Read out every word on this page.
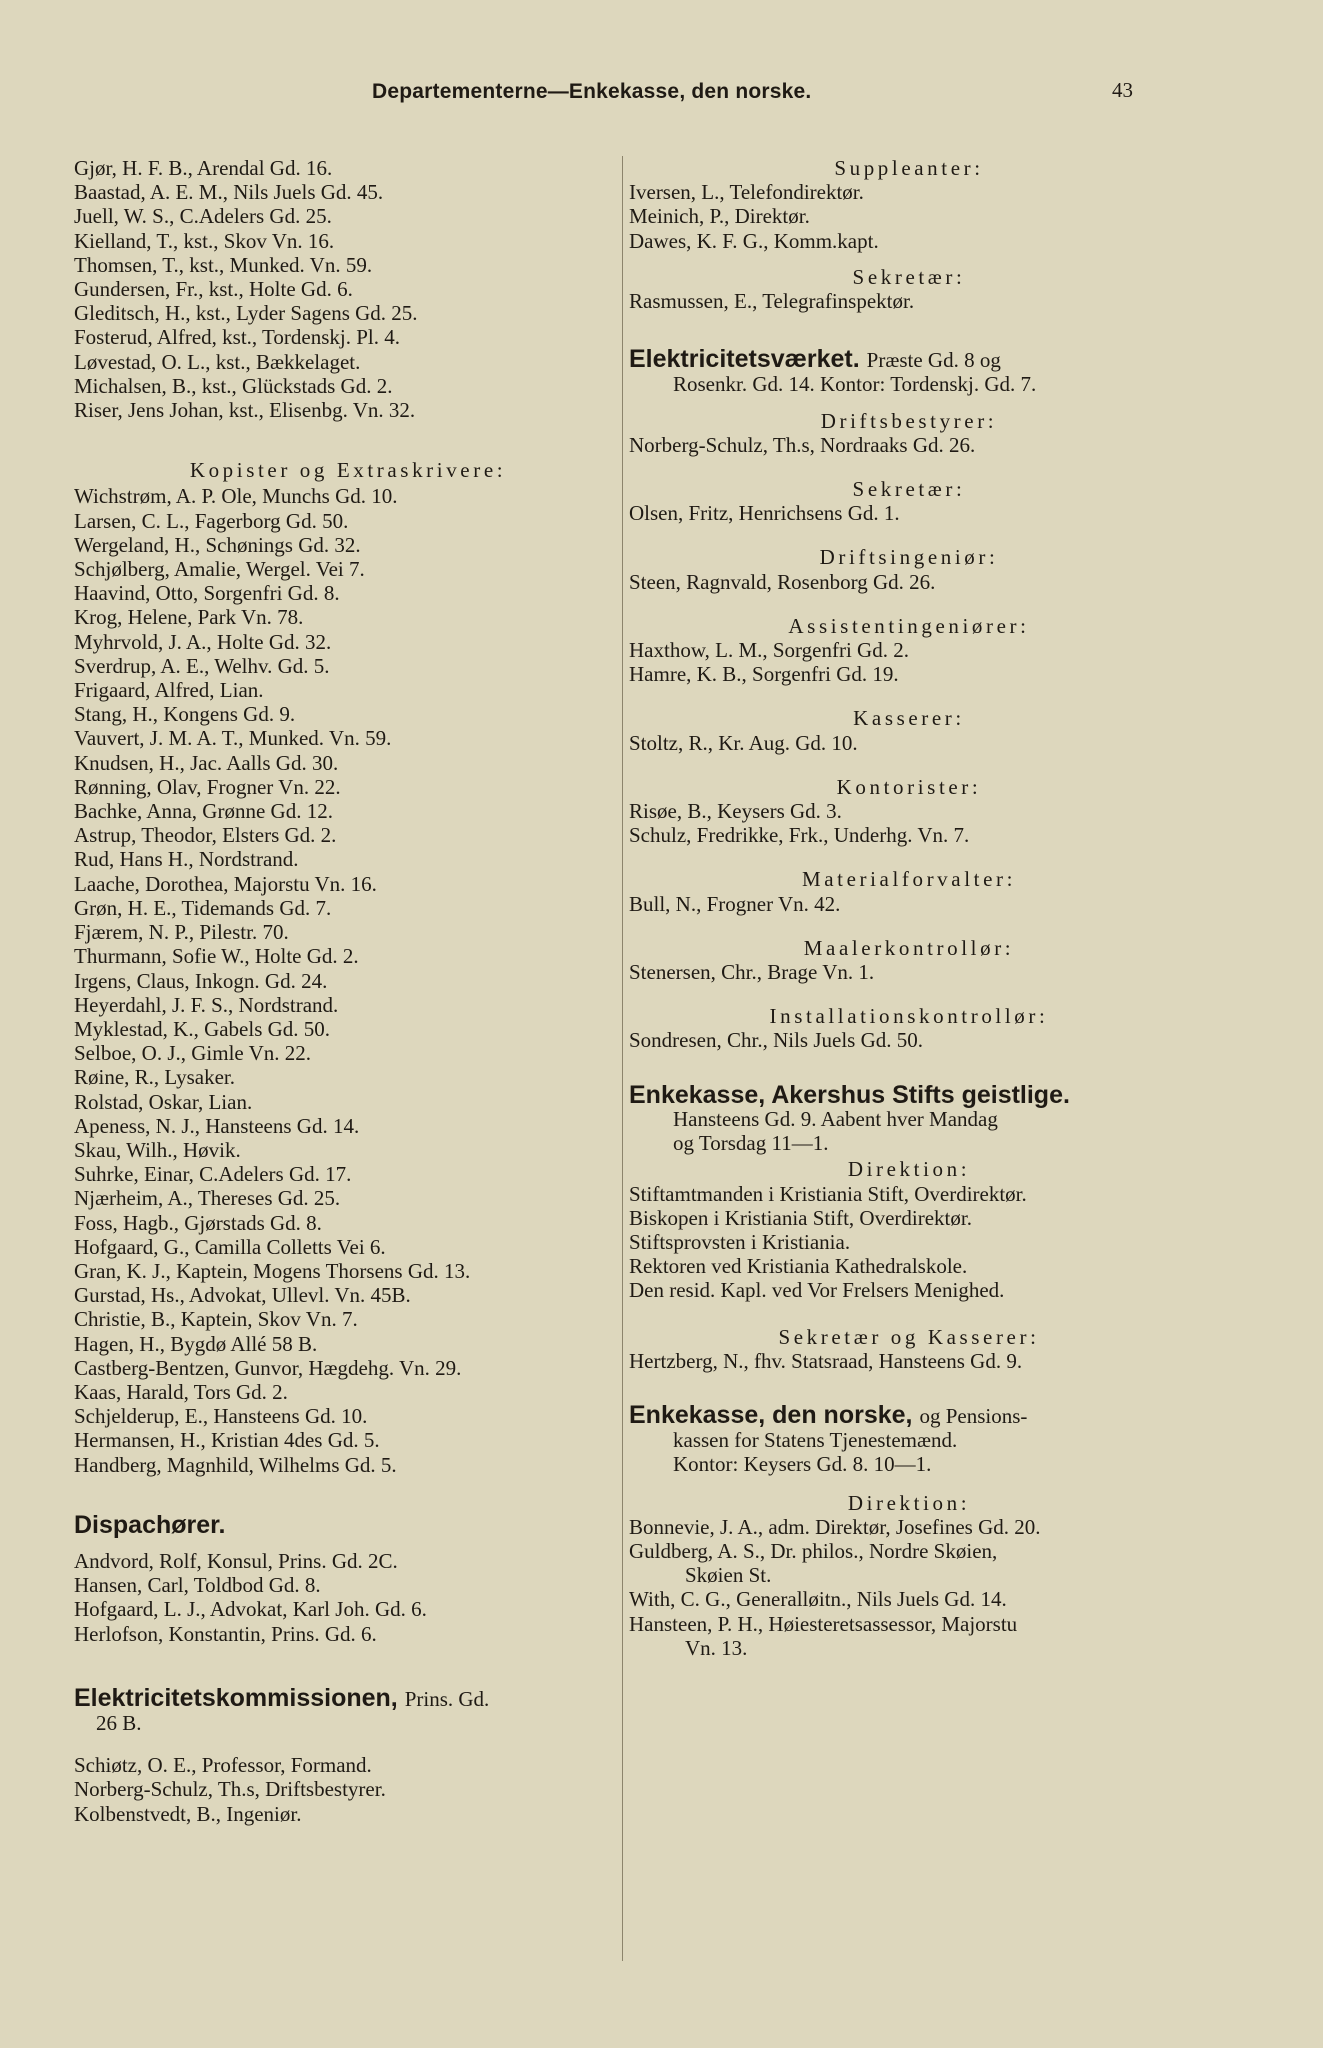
Departementerne—Enkekasse, den norske.	43
Gjør, H. F. B., Arendal Gd. 16.
Baastad, A. E. M., Nils Juels Gd. 45.
Juell, W. S., C.Adelers Gd. 25.
Kielland, T., kst., Skov Vn. 16.
Thomsen, T., kst., Munked. Vn. 59.
Gundersen, Fr., kst., Holte Gd. 6.
Gleditsch, H., kst., Lyder Sagens Gd. 25.
Fosterud, Alfred, kst., Tordenskj. Pl. 4.
Løvestad, O. L., kst., Bækkelaget.
Michalsen, B., kst., Glückstads Gd. 2.
Riser, Jens Johan, kst., Elisenbg. Vn. 32.
Kopister og Extraskrivere:
Wichstrøm, A. P. Ole, Munchs Gd. 10.
Larsen, C. L., Fagerborg Gd. 50.
Wergeland, H., Schønings Gd. 32.
Schjølberg, Amalie, Wergel. Vei 7.
Haavind, Otto, Sorgenfri Gd. 8.
Krog, Helene, Park Vn. 78.
Myhrvold, J. A., Holte Gd. 32.
Sverdrup, A. E., Welhv. Gd. 5.
Frigaard, Alfred, Lian.
Stang, H., Kongens Gd. 9.
Vauvert, J. M. A. T., Munked. Vn. 59.
Knudsen, H., Jac. Aalls Gd. 30.
Rønning, Olav, Frogner Vn. 22.
Bachke, Anna, Grønne Gd. 12.
Astrup, Theodor, Elsters Gd. 2.
Rud, Hans H., Nordstrand.
Laache, Dorothea, Majorstu Vn. 16.
Grøn, H. E., Tidemands Gd. 7.
Fjærem, N. P., Pilestr. 70.
Thurmann, Sofie W., Holte Gd. 2.
Irgens, Claus, Inkogn. Gd. 24.
Heyerdahl, J. F. S., Nordstrand.
Myklestad, K., Gabels Gd. 50.
Selboe, O. J., Gimle Vn. 22.
Røine, R., Lysaker.
Rolstad, Oskar, Lian.
Apeness, N. J., Hansteens Gd. 14.
Skau, Wilh., Høvik.
Suhrke, Einar, C.Adelers Gd. 17.
Njærheim, A., Thereses Gd. 25.
Foss, Hagb., Gjørstads Gd. 8.
Hofgaard, G., Camilla Colletts Vei 6.
Gran, K. J., Kaptein, Mogens Thorsens Gd. 13.
Gurstad, Hs., Advokat, Ullevl. Vn. 45B.
Christie, B., Kaptein, Skov Vn. 7.
Hagen, H., Bygdø Allé 58 B.
Castberg-Bentzen, Gunvor, Hægdehg. Vn. 29.
Kaas, Harald, Tors Gd. 2.
Schjelderup, E., Hansteens Gd. 10.
Hermansen, H., Kristian 4des Gd. 5.
Handberg, Magnhild, Wilhelms Gd. 5.
Dispachører.
Andvord, Rolf, Konsul, Prins. Gd. 2C.
Hansen, Carl, Toldbod Gd. 8.
Hofgaard, L. J., Advokat, Karl Joh. Gd. 6.
Herlofson, Konstantin, Prins. Gd. 6.
Elektricitetskommissionen, Prins. Gd.
26 B.
Schiøtz, O. E., Professor, Formand.
Norberg-Schulz, Th.s, Driftsbestyrer.
Kolbenstvedt, B., Ingeniør.
Suppleanter:
Iversen, L., Telefondirektør.
Meinich, P., Direktør.
Dawes, K. F. G., Komm.kapt.
Sekretær:
Rasmussen, E., Telegrafinspektør.
Elektricitetsværket. Præste Gd. 8 og
Rosenkr. Gd. 14. Kontor: Tordenskj. Gd. 7.
Driftsbestyrer:
Norberg-Schulz, Th.s, Nordraaks Gd. 26.
Sekretær:
Olsen, Fritz, Henrichsens Gd. 1.
Driftsingeniør:
Steen, Ragnvald, Rosenborg Gd. 26.
Assistentingeniører:
Haxthow, L. M., Sorgenfri Gd. 2.
Hamre, K. B., Sorgenfri Gd. 19.
Kasserer:
Stoltz, R., Kr. Aug. Gd. 10.
Kontorister:
Risøe, B., Keysers Gd. 3.
Schulz, Fredrikke, Frk., Underhg. Vn. 7.
Materialforvalter:
Bull, N., Frogner Vn. 42.
Maalerkontrollør:
Stenersen, Chr., Brage Vn. 1.
Installationskontrollør:
Sondresen, Chr., Nils Juels Gd. 50.
Enkekasse, Akershus Stifts geistlige.
Hansteens Gd. 9. Aabent hver Mandag
og Torsdag 11—1.
Direktion:
Stiftamtmanden i Kristiania Stift, Overdirektør.
Biskopen i Kristiania Stift, Overdirektør.
Stiftsprovsten i Kristiania.
Rektoren ved Kristiania Kathedralskole.
Den resid. Kapl. ved Vor Frelsers Menighed.
Sekretær og Kasserer:
Hertzberg, N., fhv. Statsraad, Hansteens Gd. 9.
Enkekasse, den norske, og Pensions-
kassen for Statens Tjenestemænd.
Kontor: Keysers Gd. 8. 10—1.
Direktion:
Bonnevie, J. A., adm. Direktør, Josefines Gd. 20.
Guldberg, A. S., Dr. philos., Nordre Skøien,
Skøien St.
With, C. G., Generalløitn., Nils Juels Gd. 14.
Hansteen, P. H., Høiesteretsassessor, Majorstu
Vn. 13.
